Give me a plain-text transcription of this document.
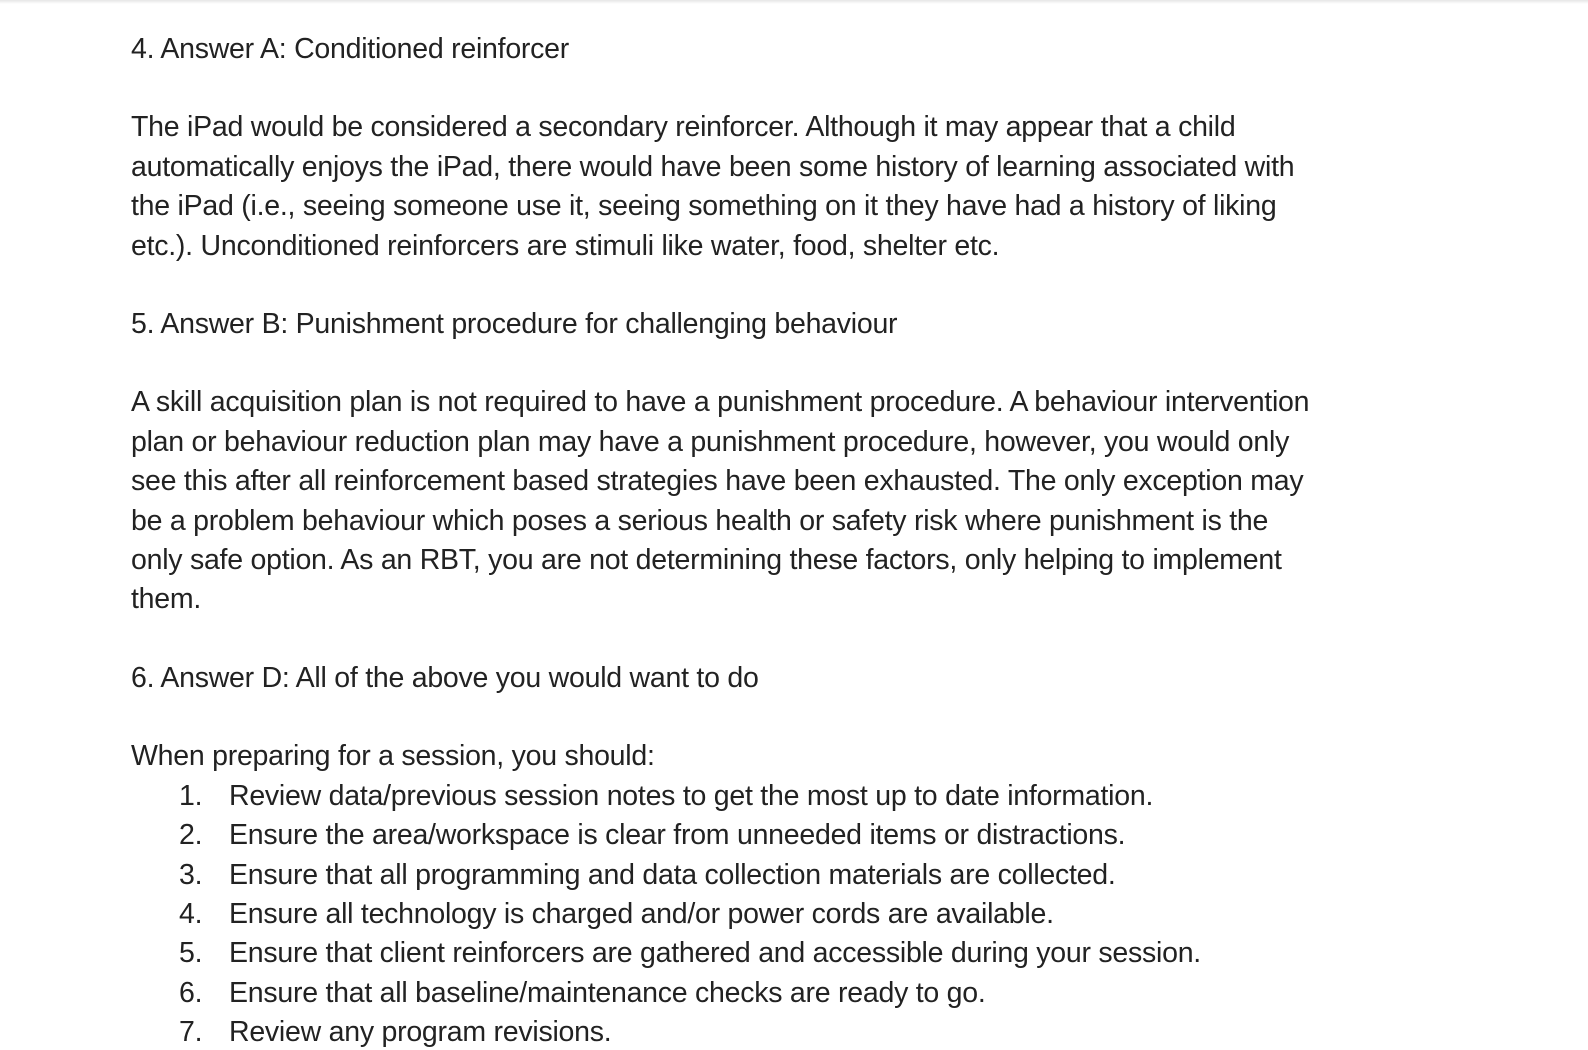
4. Answer A: Conditioned reinforcer

The iPad would be considered a secondary reinforcer. Although it may appear that a child
automatically enjoys the iPad, there would have been some history of learning associated with
the iPad (i.e., seeing someone use it, seeing something on it they have had a history of liking
etc.). Unconditioned reinforcers are stimuli like water, food, shelter etc.

5. Answer B: Punishment procedure for challenging behaviour

A skill acquisition plan is not required to have a punishment procedure. A behaviour intervention
plan or behaviour reduction plan may have a punishment procedure, however, you would only
see this after all reinforcement based strategies have been exhausted. The only exception may
be a problem behaviour which poses a serious health or safety risk where punishment is the
only safe option. As an RBT, you are not determining these factors, only helping to implement
them.

6. Answer D: All of the above you would want to do

When preparing for a session, you should:

1. Review data/previous session notes to get the most up to date information.
2. Ensure the area/workspace is clear from unneeded items or distractions.
3. Ensure that all programming and data collection materials are collected.
4. Ensure all technology is charged and/or power cords are available.
5. Ensure that client reinforcers are gathered and accessible during your session.
6. Ensure that all baseline/maintenance checks are ready to go.
7. Review any program revisions.
